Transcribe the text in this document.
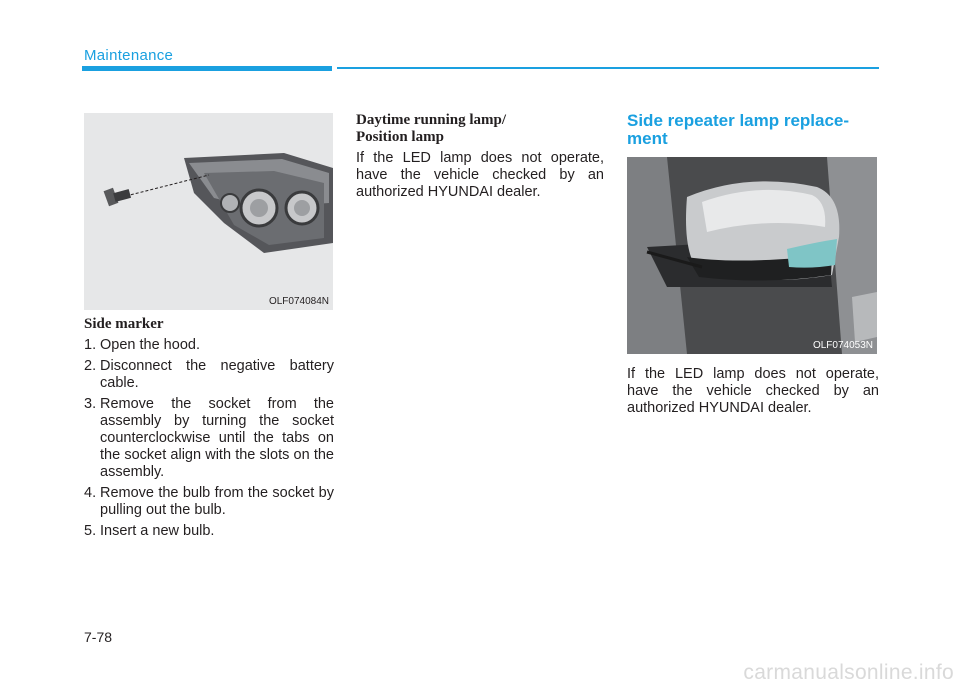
Maintenance
OLF074084N
Side marker
1. Open the hood.
2. Disconnect the negative battery cable.
3. Remove the socket from the assembly by turning the socket counterclockwise until the tabs on the socket align with the slots on the assembly.
4. Remove the bulb from the socket by pulling out the bulb.
5. Insert a new bulb.
Daytime running lamp/
Position lamp

If the LED lamp does not operate, have the vehicle checked by an authorized HYUNDAI dealer.

Side repeater lamp replace-
ment
OLF074053N

If the LED lamp does not operate, have the vehicle checked by an authorized HYUNDAI dealer.

7-78
carmanualsonline.info
